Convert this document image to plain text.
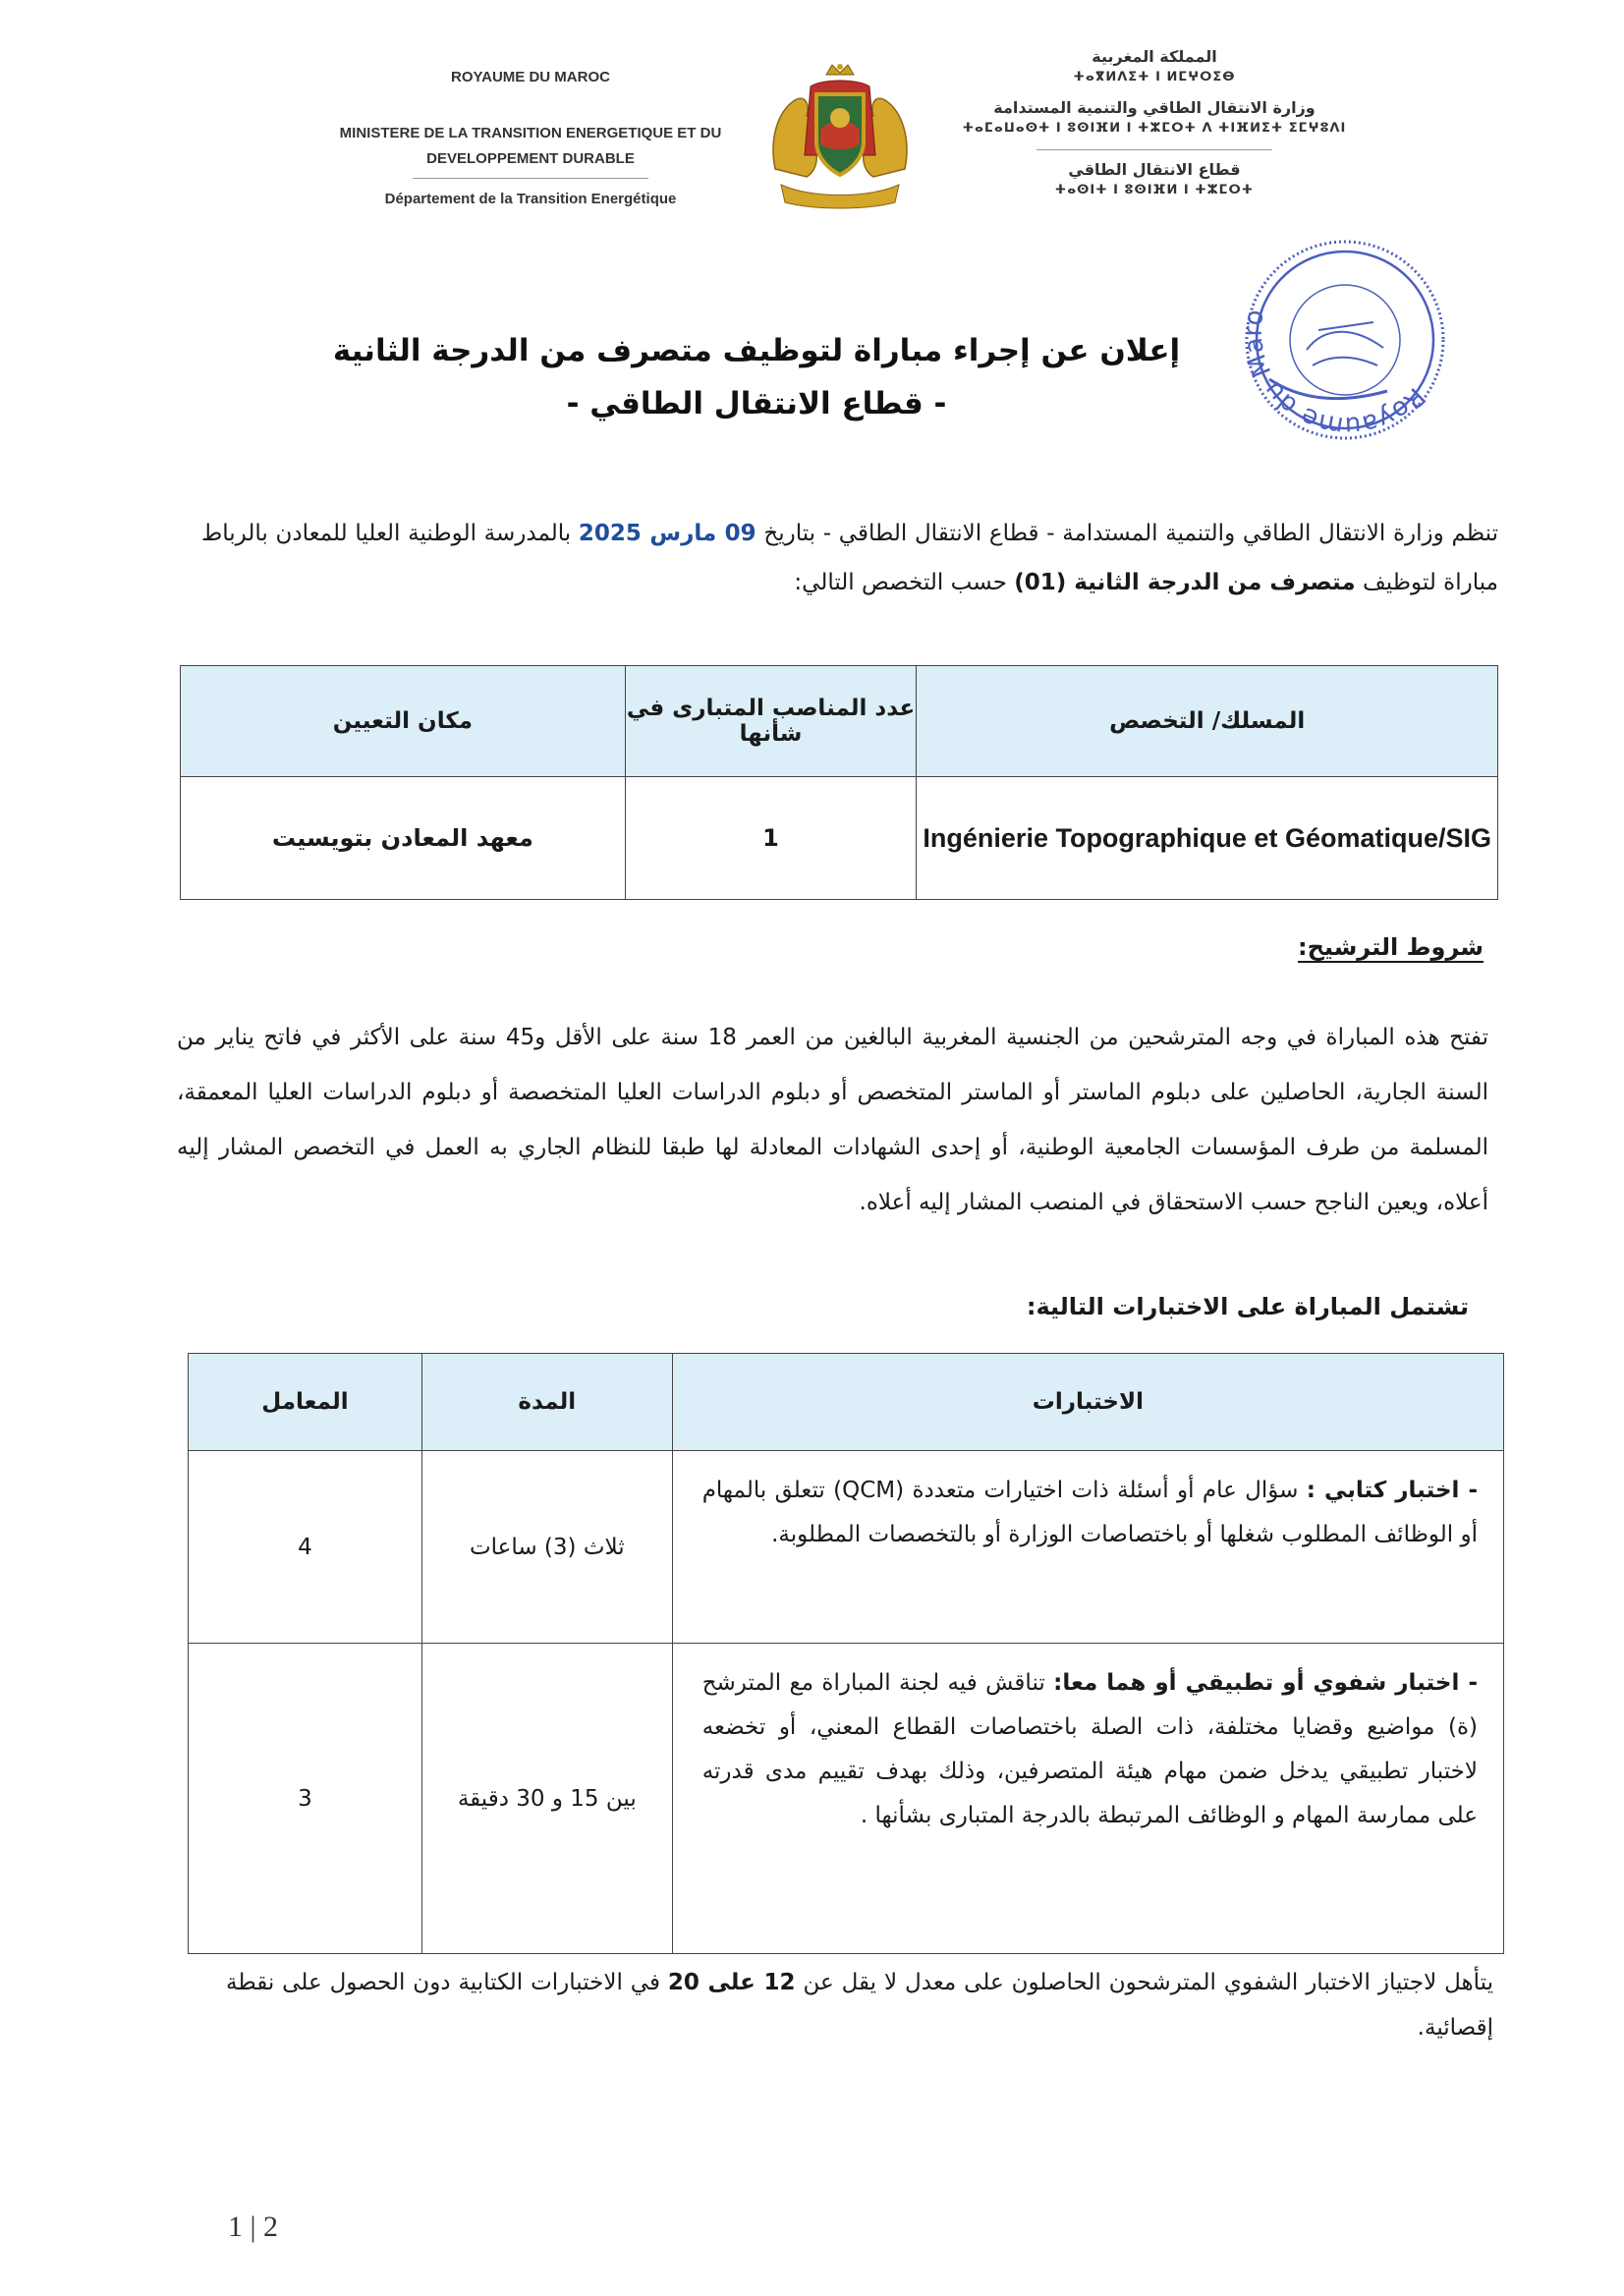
ROYAUME DU MAROC
MINISTERE DE LA TRANSITION ENERGETIQUE ET DU
DEVELOPPEMENT DURABLE
Département de la Transition Energétique
المملكة المغربية
ⵜⴰⴳⵍⴷⵉⵜ ⵏ ⵍⵎⵖⵔⵉⴱ
وزارة الانتقال الطاقي والتنمية المستدامة
ⵜⴰⵎⴰⵡⴰⵙⵜ ⵏ ⵓⵙⵏⴼⵍ ⵏ ⵜⵣⵎⵔⵜ ⴷ ⵜⵏⴼⵍⵉⵜ ⵉⵎⵖⵓⴷⵏ
قطاع الانتقال الطاقي
ⵜⴰⵙⵏⵜ ⵏ ⵓⵙⵏⴼⵍ ⵏ ⵜⵣⵎⵔⵜ
Royaume du Maroc
إعلان عن إجراء مباراة لتوظيف متصرف من الدرجة الثانية
- قطاع الانتقال الطاقي -
تنظم وزارة الانتقال الطاقي والتنمية المستدامة - قطاع الانتقال الطاقي - بتاريخ 09 مارس 2025 بالمدرسة الوطنية العليا للمعادن بالرباط مباراة لتوظيف متصرف من الدرجة الثانية (01) حسب التخصص التالي:
المسلك/ التخصص	عدد المناصب المتبارى في شأنها	مكان التعيين
Ingénierie Topographique et Géomatique/SIG	1	معهد المعادن بتويسيت
شروط الترشيح:
تفتح هذه المباراة في وجه المترشحين من الجنسية المغربية البالغين من العمر 18 سنة على الأقل و45 سنة على الأكثر في فاتح يناير من السنة الجارية، الحاصلين على دبلوم الماستر أو الماستر المتخصص أو دبلوم الدراسات العليا المتخصصة أو دبلوم الدراسات العليا المعمقة، المسلمة من طرف المؤسسات الجامعية الوطنية، أو إحدى الشهادات المعادلة لها طبقا للنظام الجاري به العمل في التخصص المشار إليه أعلاه، ويعين الناجح حسب الاستحقاق في المنصب المشار إليه أعلاه.
تشتمل المباراة على الاختبارات التالية:
الاختبارات	المدة	المعامل
- اختبار كتابي : سؤال عام أو أسئلة ذات اختيارات متعددة (QCM) تتعلق بالمهام أو الوظائف المطلوب شغلها أو باختصاصات الوزارة أو بالتخصصات المطلوبة.	ثلاث (3) ساعات	4
- اختبار شفوي أو تطبيقي أو هما معا: تناقش فيه لجنة المباراة مع المترشح (ة) مواضيع وقضايا مختلفة، ذات الصلة باختصاصات القطاع المعني، أو تخضعه لاختبار تطبيقي يدخل ضمن مهام هيئة المتصرفين، وذلك بهدف تقييم مدى قدرته على ممارسة المهام و الوظائف المرتبطة بالدرجة المتبارى بشأنها .	بين 15 و 30 دقيقة	3
يتأهل لاجتياز الاختبار الشفوي المترشحون الحاصلون على معدل لا يقل عن 12 على 20 في الاختبارات الكتابية دون الحصول على نقطة إقصائية.
1 | 2
